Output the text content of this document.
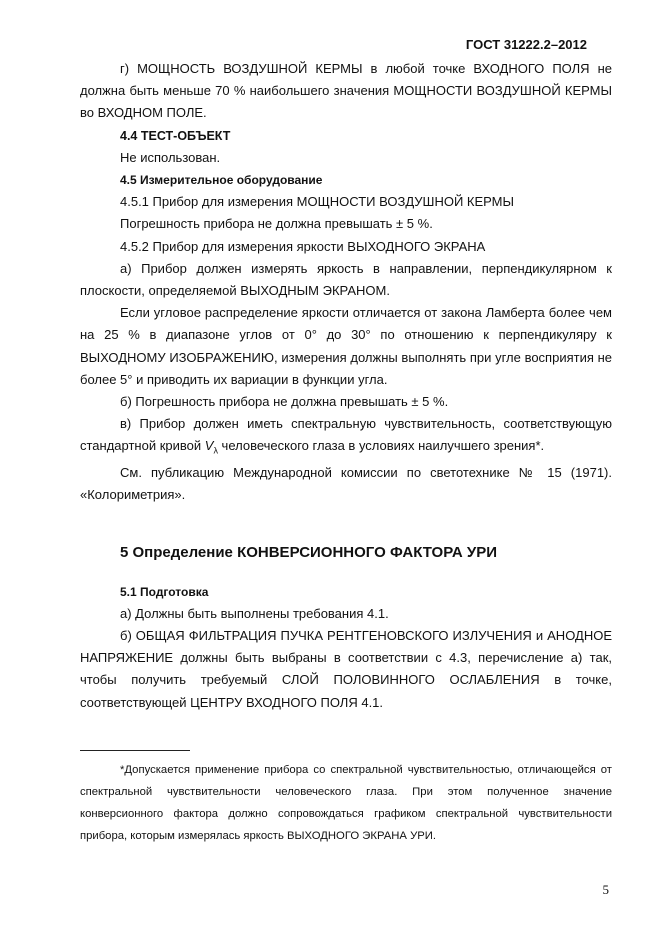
ГОСТ 31222.2–2012

г) МОЩНОСТЬ ВОЗДУШНОЙ КЕРМЫ в любой точке ВХОДНОГО ПОЛЯ не должна быть меньше 70 % наибольшего значения МОЩНОСТИ ВОЗДУШНОЙ КЕРМЫ во ВХОДНОМ ПОЛЕ.

4.4 ТЕСТ-ОБЪЕКТ

Не использован.

4.5 Измерительное оборудование

4.5.1 Прибор для измерения МОЩНОСТИ ВОЗДУШНОЙ КЕРМЫ

Погрешность прибора не должна превышать ± 5 %.

4.5.2 Прибор для измерения яркости ВЫХОДНОГО ЭКРАНА

а) Прибор должен измерять яркость в направлении, перпендикулярном к плоскости, определяемой ВЫХОДНЫМ ЭКРАНОМ.

Если угловое распределение яркости отличается от закона Ламберта более чем на 25 % в диапазоне углов от 0° до 30° по отношению к перпендикуляру к ВЫХОДНОМУ ИЗОБРАЖЕНИЮ, измерения должны выполнять при угле восприятия не более 5° и приводить их вариации в функции угла.

б) Погрешность прибора не должна превышать ± 5 %.

в) Прибор должен иметь спектральную чувствительность, соответствующую стандартной кривой $V_\lambda$ человеческого глаза в условиях наилучшего зрения*.

См. публикацию Международной комиссии по светотехнике № 15 (1971). «Колориметрия».

5 Определение КОНВЕРСИОННОГО ФАКТОРА УРИ

5.1 Подготовка

а) Должны быть выполнены требования 4.1.

б) ОБЩАЯ ФИЛЬТРАЦИЯ ПУЧКА РЕНТГЕНОВСКОГО ИЗЛУЧЕНИЯ и АНОДНОЕ НАПРЯЖЕНИЕ должны быть выбраны в соответствии с 4.3, перечисление а) так, чтобы получить требуемый СЛОЙ ПОЛОВИННОГО ОСЛАБЛЕНИЯ в точке, соответствующей ЦЕНТРУ ВХОДНОГО ПОЛЯ 4.1.

*Допускается применение прибора со спектральной чувствительностью, отличающейся от спектральной чувствительности человеческого глаза. При этом полученное значение конверсионного фактора должно сопровождаться графиком спектральной чувствительности прибора, которым измерялась яркость ВЫХОДНОГО ЭКРАНА УРИ.

5
